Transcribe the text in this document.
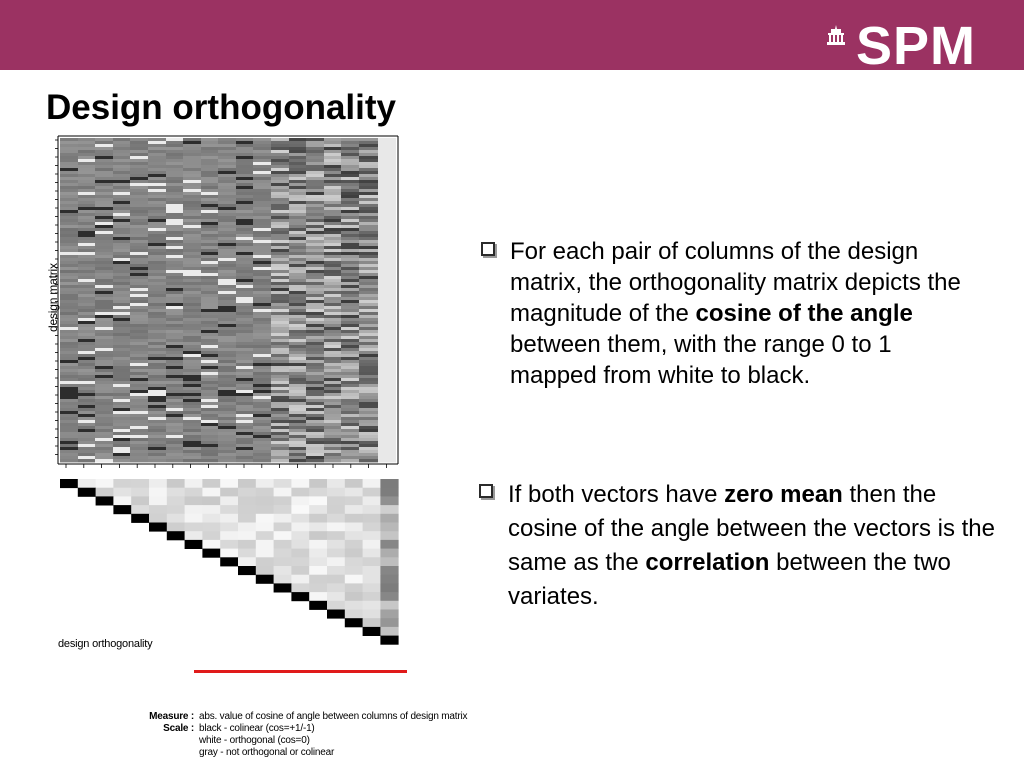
SPM
Design orthogonality
design matrix
design orthogonality
Measure : abs. value of cosine of angle between columns of design matrix
Scale : black - colinear (cos=+1/-1)
white - orthogonal (cos=0)
gray - not orthogonal or colinear

For each pair of columns of the design matrix, the orthogonality matrix depicts the magnitude of the cosine of the angle between them, with the range 0 to 1 mapped from white to black.

If both vectors have zero mean then the cosine of the angle between the vectors is the same as the correlation between the two variates.
